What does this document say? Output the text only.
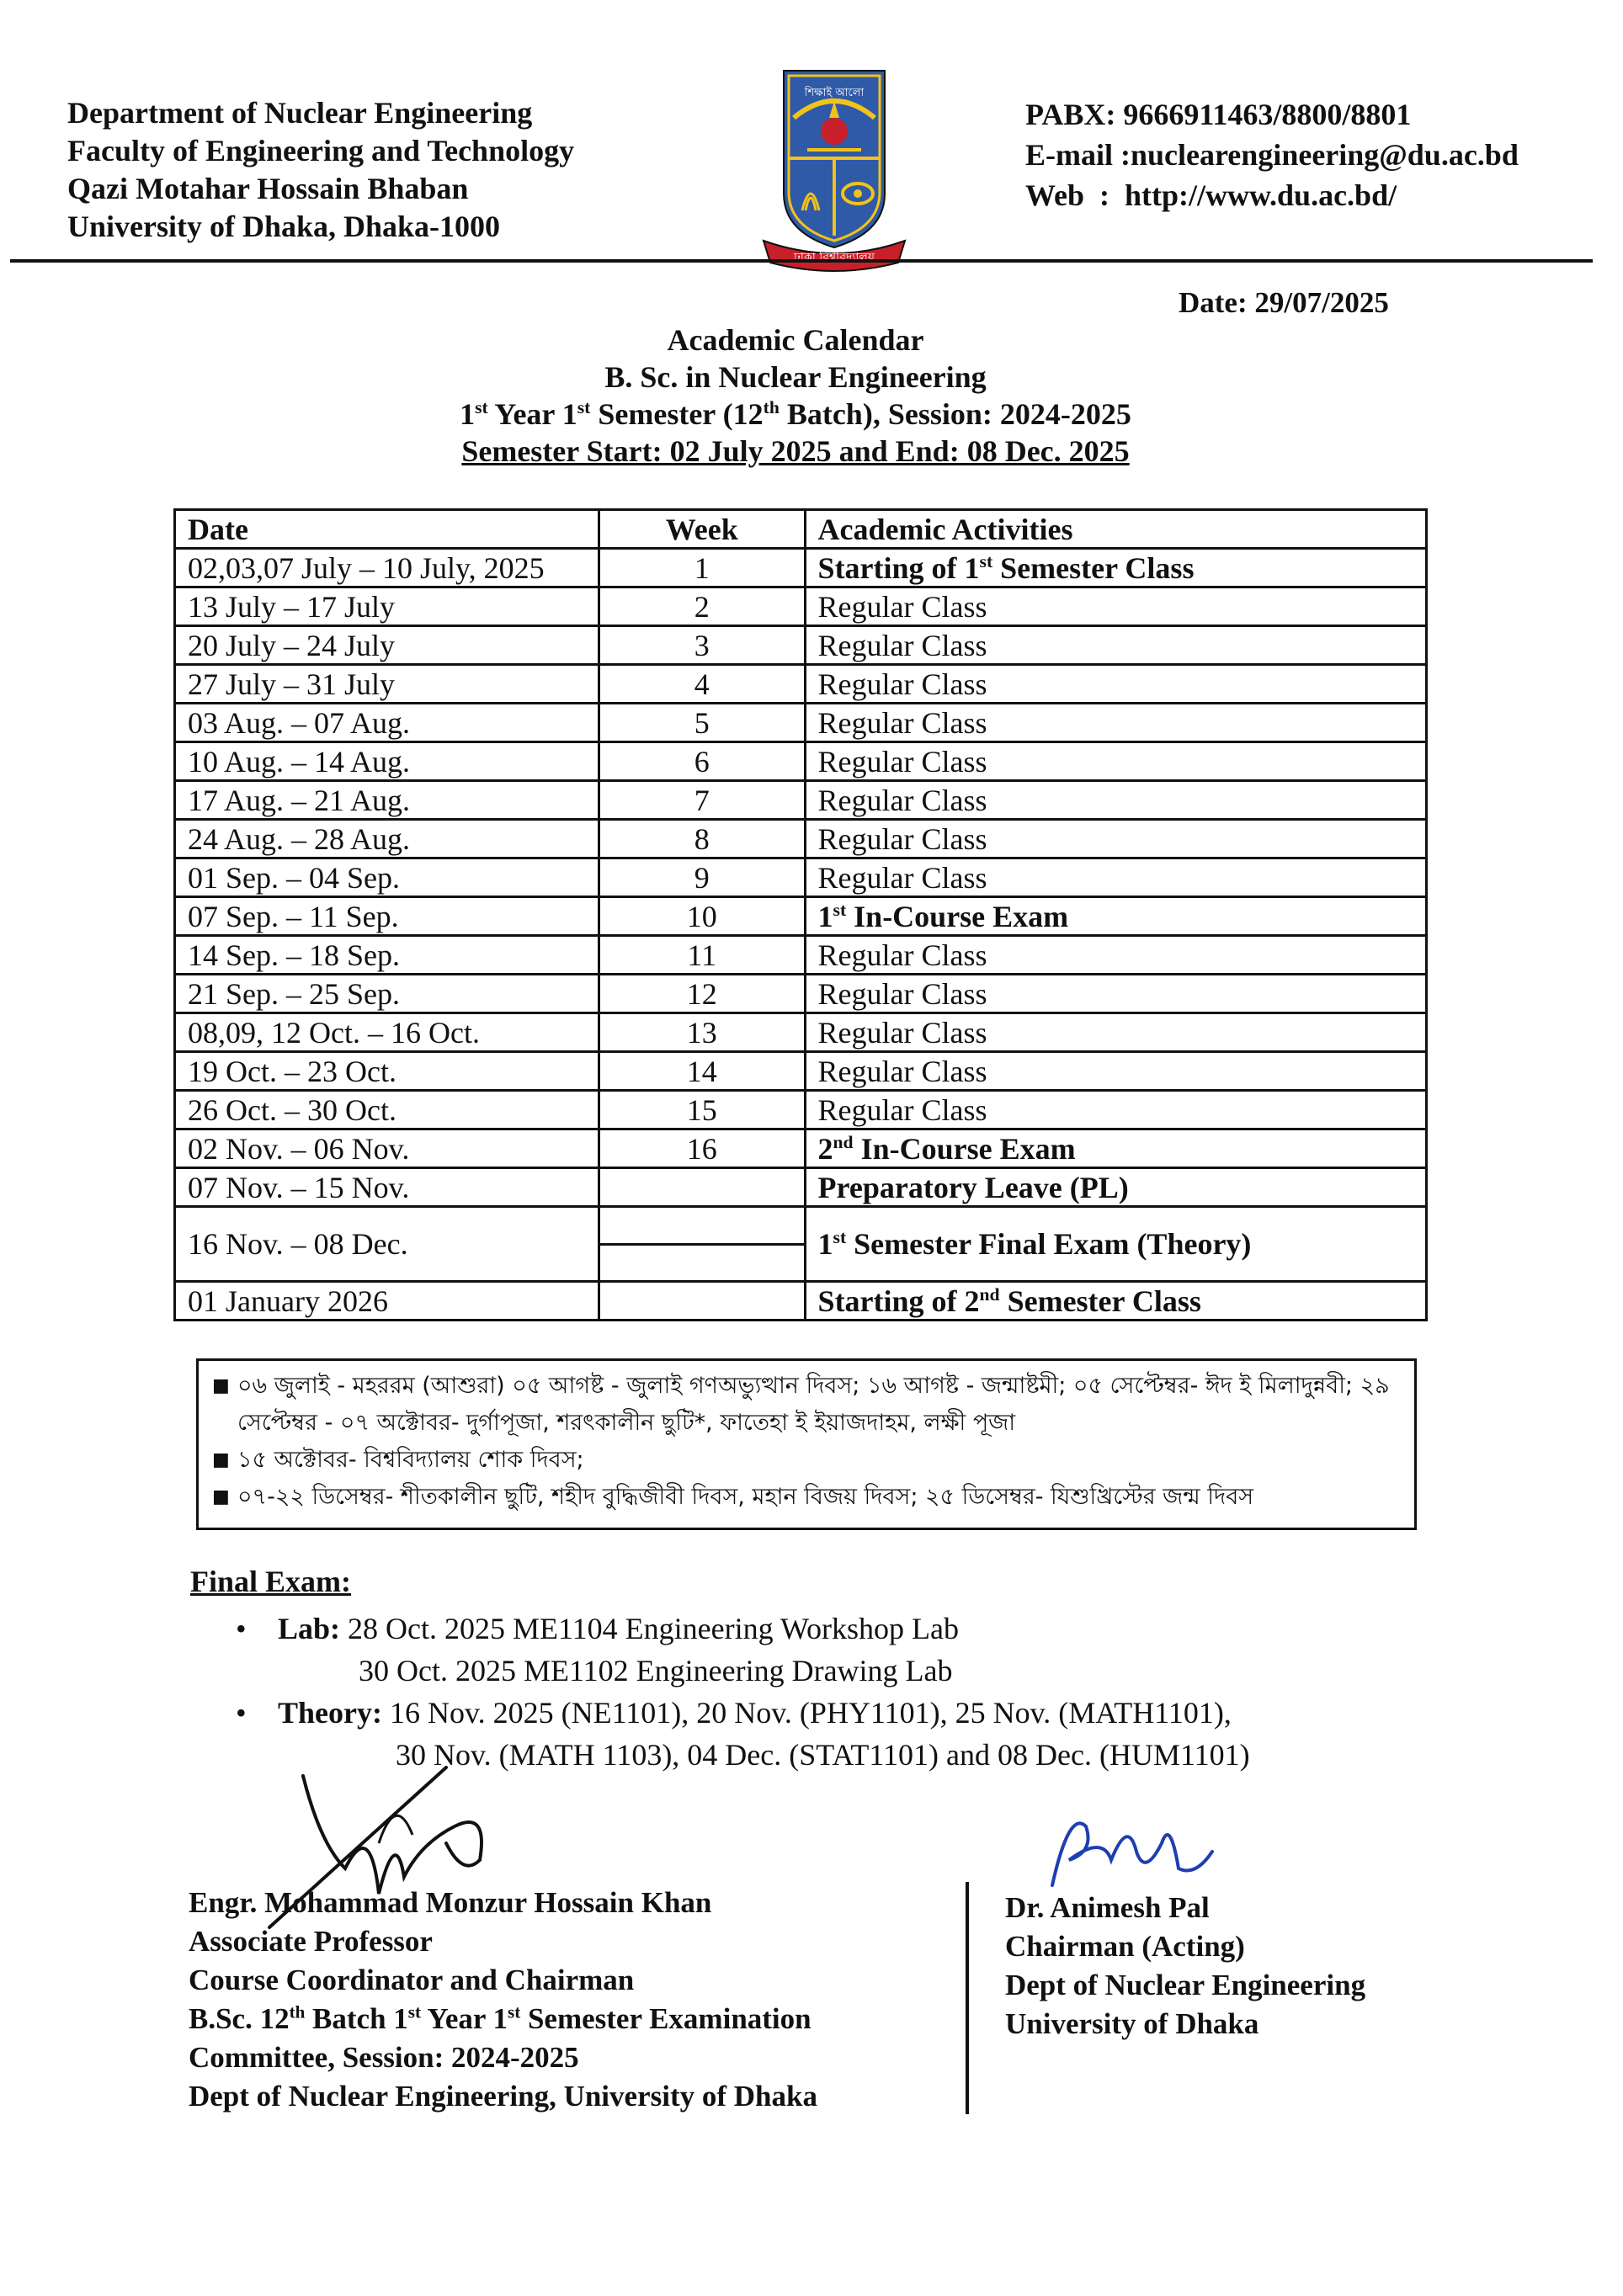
Department of Nuclear Engineering
Faculty of Engineering and Technology
Qazi Motahar Hossain Bhaban
University of Dhaka, Dhaka-1000
ঢাকা বিশ্ববিদ্যালয়
শিক্ষাই আলো
PABX: 9666911463/8800/8801
E-mail :nuclearengineering@du.ac.bd
Web  :  http://www.du.ac.bd/
Date: 29/07/2025
Academic Calendar
B. Sc. in Nuclear Engineering
1st Year 1st Semester (12th Batch), Session: 2024-2025
Semester Start: 02 July 2025 and End: 08 Dec. 2025
Date	Week	Academic Activities
02,03,07 July – 10 July, 2025	1	Starting of 1st Semester Class
13 July – 17 July	2	Regular Class
20 July – 24 July	3	Regular Class
27 July – 31 July	4	Regular Class
03 Aug. – 07 Aug.	5	Regular Class
10 Aug. – 14 Aug.	6	Regular Class
17 Aug. – 21 Aug.	7	Regular Class
24 Aug. – 28 Aug.	8	Regular Class
01 Sep. – 04 Sep.	9	Regular Class
07 Sep. – 11 Sep.	10	1st In-Course Exam
14 Sep. – 18 Sep.	11	Regular Class
21 Sep. – 25 Sep.	12	Regular Class
08,09, 12 Oct. – 16 Oct.	13	Regular Class
19 Oct. – 23 Oct.	14	Regular Class
26 Oct. – 30 Oct.	15	Regular Class
02 Nov. – 06 Nov.	16	2nd In-Course Exam
07 Nov. – 15 Nov.		Preparatory Leave (PL)
16 Nov. – 08 Dec.		1st Semester Final Exam (Theory)
01 January 2026		Starting of 2nd Semester Class

■ ০৬ জুলাই - মহররম (আশুরা) ০৫ আগষ্ট - জুলাই গণঅভ্যুত্থান দিবস; ১৬ আগষ্ট - জন্মাষ্টমী; ০৫ সেপ্টেম্বর- ঈদ ই মিলাদুন্নবী; ২৯ সেপ্টেম্বর - ০৭ অক্টোবর- দুর্গাপূজা, শরৎকালীন ছুটি*, ফাতেহা ই ইয়াজদাহম, লক্ষী পূজা

■ ১৫ অক্টোবর- বিশ্ববিদ্যালয় শোক দিবস;

■ ০৭-২২ ডিসেম্বর- শীতকালীন ছুটি, শহীদ বুদ্ধিজীবী দিবস, মহান বিজয় দিবস; ২৫ ডিসেম্বর- যিশুখ্রিস্টের জন্ম দিবস

Final Exam:
• Lab: 28 Oct. 2025 ME1104 Engineering Workshop Lab
30 Oct. 2025 ME1102 Engineering Drawing Lab
• Theory: 16 Nov. 2025 (NE1101), 20 Nov. (PHY1101), 25 Nov. (MATH1101),
30 Nov. (MATH 1103), 04 Dec. (STAT1101) and 08 Dec. (HUM1101)
Engr. Mohammad Monzur Hossain Khan
Associate Professor
Course Coordinator and Chairman
B.Sc. 12th Batch 1st Year 1st Semester Examination
Committee, Session: 2024-2025
Dept of Nuclear Engineering, University of Dhaka
Dr. Animesh Pal
Chairman (Acting)
Dept of Nuclear Engineering
University of Dhaka
